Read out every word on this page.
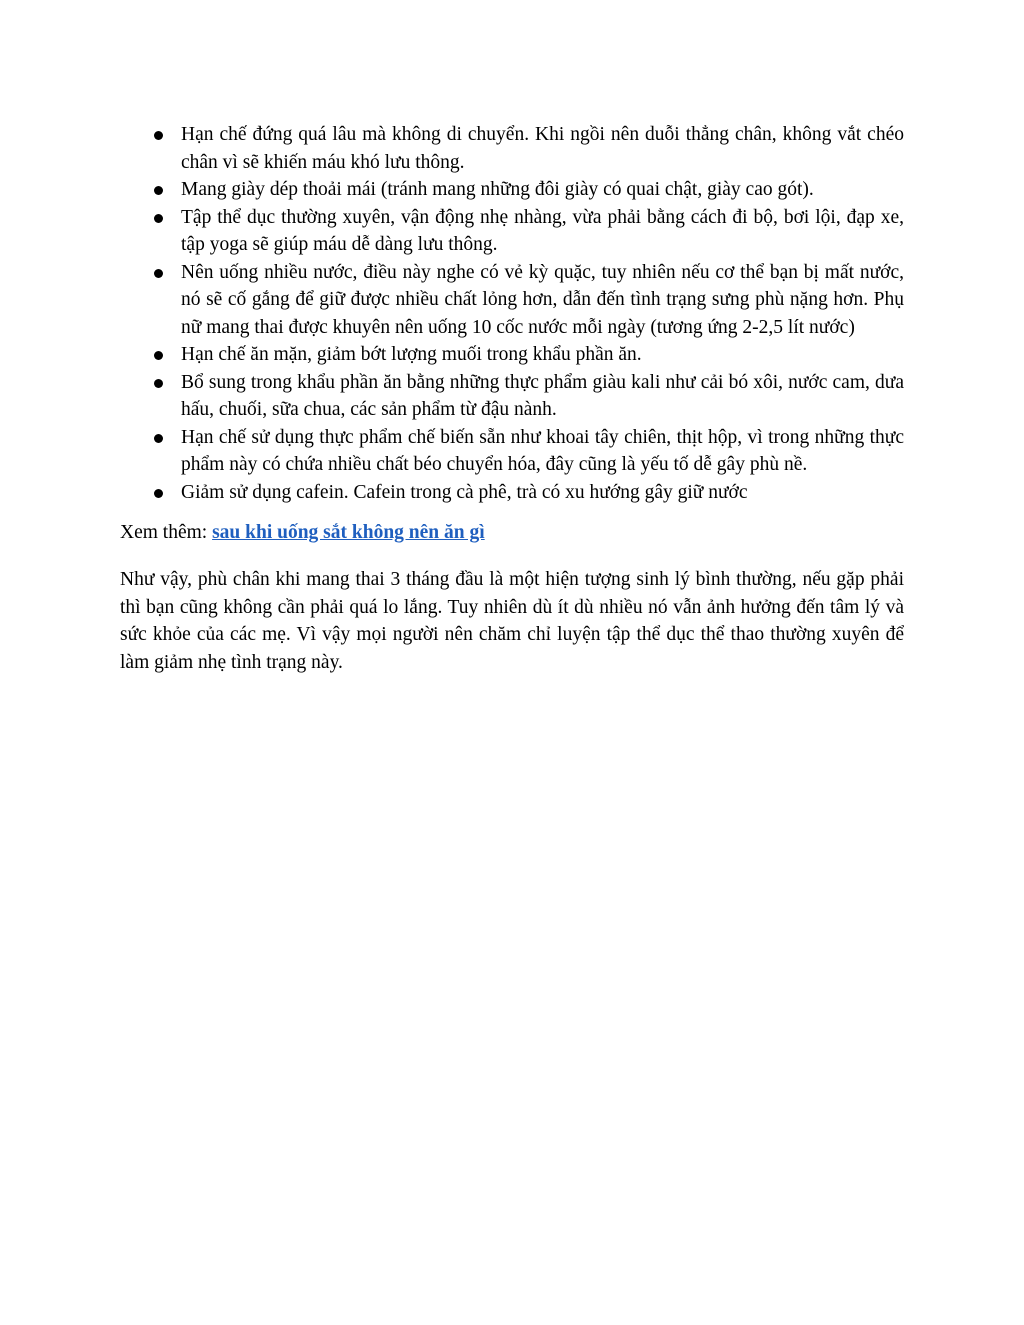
Hạn chế đứng quá lâu mà không di chuyển. Khi ngồi nên duỗi thẳng chân, không vắt chéo chân vì sẽ khiến máu khó lưu thông.
Mang giày dép thoải mái (tránh mang những đôi giày có quai chật, giày cao gót).
Tập thể dục thường xuyên, vận động nhẹ nhàng, vừa phải bằng cách đi bộ, bơi lội, đạp xe, tập yoga sẽ giúp máu dễ dàng lưu thông.
Nên uống nhiều nước, điều này nghe có vẻ kỳ quặc, tuy nhiên nếu cơ thể bạn bị mất nước, nó sẽ cố gắng để giữ được nhiều chất lỏng hơn, dẫn đến tình trạng sưng phù nặng hơn. Phụ nữ mang thai được khuyên nên uống 10 cốc nước mỗi ngày (tương ứng 2-2,5 lít nước)
Hạn chế ăn mặn, giảm bớt lượng muối trong khẩu phần ăn.
Bổ sung trong khẩu phần ăn bằng những thực phẩm giàu kali như cải bó xôi, nước cam, dưa hấu, chuối, sữa chua, các sản phẩm từ đậu nành.
Hạn chế sử dụng thực phẩm chế biến sẵn như khoai tây chiên, thịt hộp, vì trong những thực phẩm này có chứa nhiều chất béo chuyển hóa, đây cũng là yếu tố dễ gây phù nề.
Giảm sử dụng cafein. Cafein trong cà phê, trà có xu hướng gây giữ nước

Xem thêm: sau khi uống sắt không nên ăn gì

Như vậy, phù chân khi mang thai 3 tháng đầu là một hiện tượng sinh lý bình thường, nếu gặp phải thì bạn cũng không cần phải quá lo lắng. Tuy nhiên dù ít dù nhiều nó vẫn ảnh hưởng đến tâm lý và sức khỏe của các mẹ. Vì vậy mọi người nên chăm chỉ luyện tập thể dục thể thao thường xuyên để làm giảm nhẹ tình trạng này.
